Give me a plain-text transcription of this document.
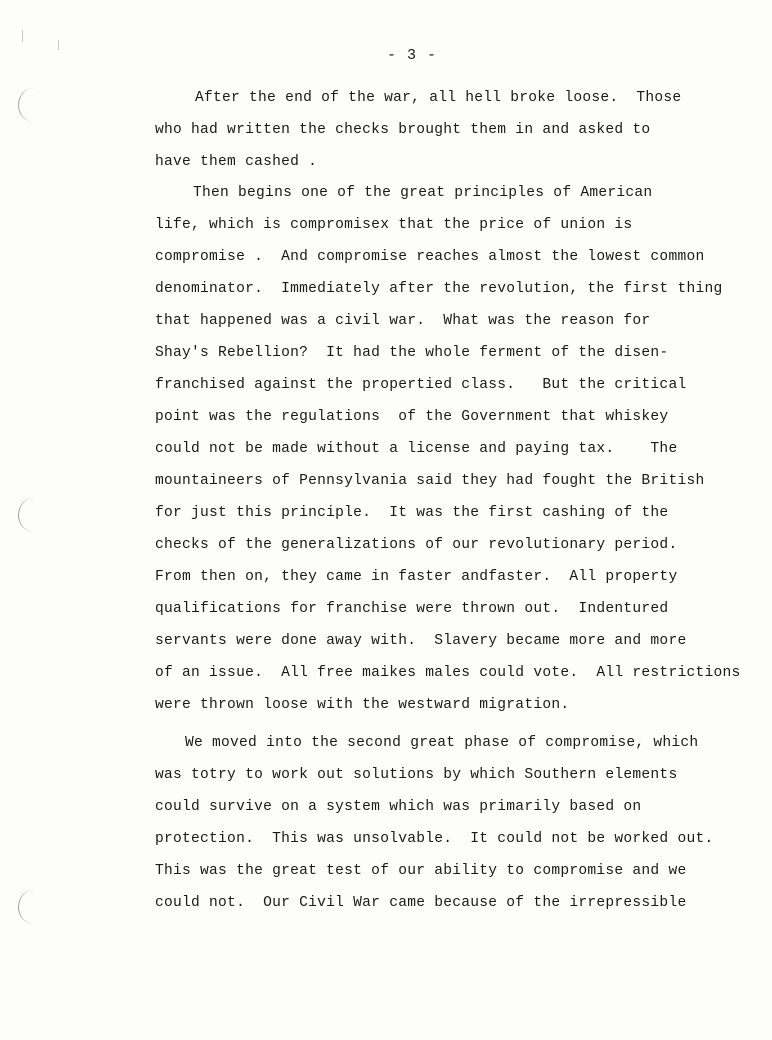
- 3 -
After the end of the war, all hell broke loose.  Those
who had written the checks brought them in and asked to
have them cashed .
Then begins one of the great principles of American
life, which is compromisex that the price of union is
compromise .  And compromise reaches almost the lowest common
denominator.  Immediately after the revolution, the first thing
that happened was a civil war.  What was the reason for
Shay's Rebellion?  It had the whole ferment of the disen-
franchised against the propertied class.   But the critical
point was the regulations  of the Government that whiskey
could not be made without a license and paying tax.    The
mountaineers of Pennsylvania said they had fought the British
for just this principle.  It was the first cashing of the
checks of the generalizations of our revolutionary period.
From then on, they came in faster andfaster.  All property
qualifications for franchise were thrown out.  Indentured
servants were done away with.  Slavery became more and more
of an issue.  All free maikes males could vote.  All restrictions
were thrown loose with the westward migration.
We moved into the second great phase of compromise, which
was totry to work out solutions by which Southern elements
could survive on a system which was primarily based on
protection.  This was unsolvable.  It could not be worked out.
This was the great test of our ability to compromise and we
could not.  Our Civil War came because of the irrepressible
